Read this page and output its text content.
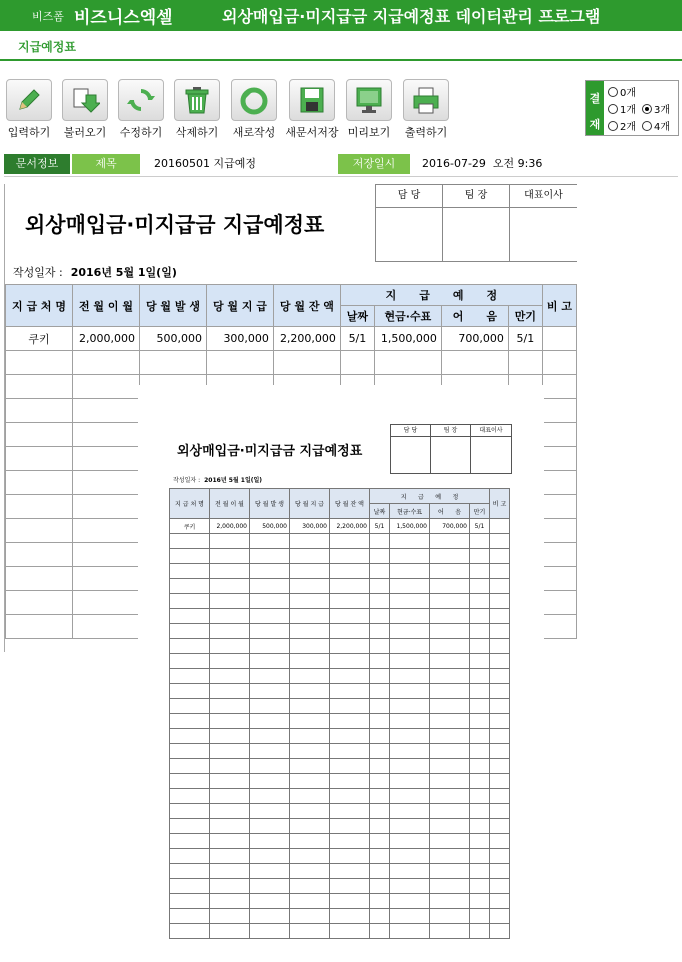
비즈폼 비즈니스엑셀	외상매입금·미지급금 지급예정표 데이터관리 프로그램
지급예정표
입력하기	불러오기	수정하기	삭제하기	새로작성 새문서저장 미리보기	출력하기
결
재
0개
1개 3개
2개 4개
문서정보	제목	20160501 지급예정	저장일시	2016-07-29  오전 9:36
외상매입금·미지급금 지급예정표
담 당	팀 장	대표이사
작성일자 : 2016년 5월 1일(일)
지 급 처 명	전 월 이 월	당 월 발 생	당 월 지 급	당 월 잔 액	지      급      예      정				비 고
					날짜	현금·수표	어      음	만기	
쿠키	2,000,000	500,000	300,000	2,200,000	5/1	1,500,000	700,000	5/1	

외상매입금·미지급금 지급예정표
담 당	팀 장	대표이사
작성일자 : 2016년 5월 1일(일)
지 급 처 명	전 월 이 월	당 월 발 생	당 월 지 급	당 월 잔 액	지      급      예      정				비 고
					날짜	현금·수표	어      음	만기	
쿠키	2,000,000	500,000	300,000	2,200,000	5/1	1,500,000	700,000	5/1	
